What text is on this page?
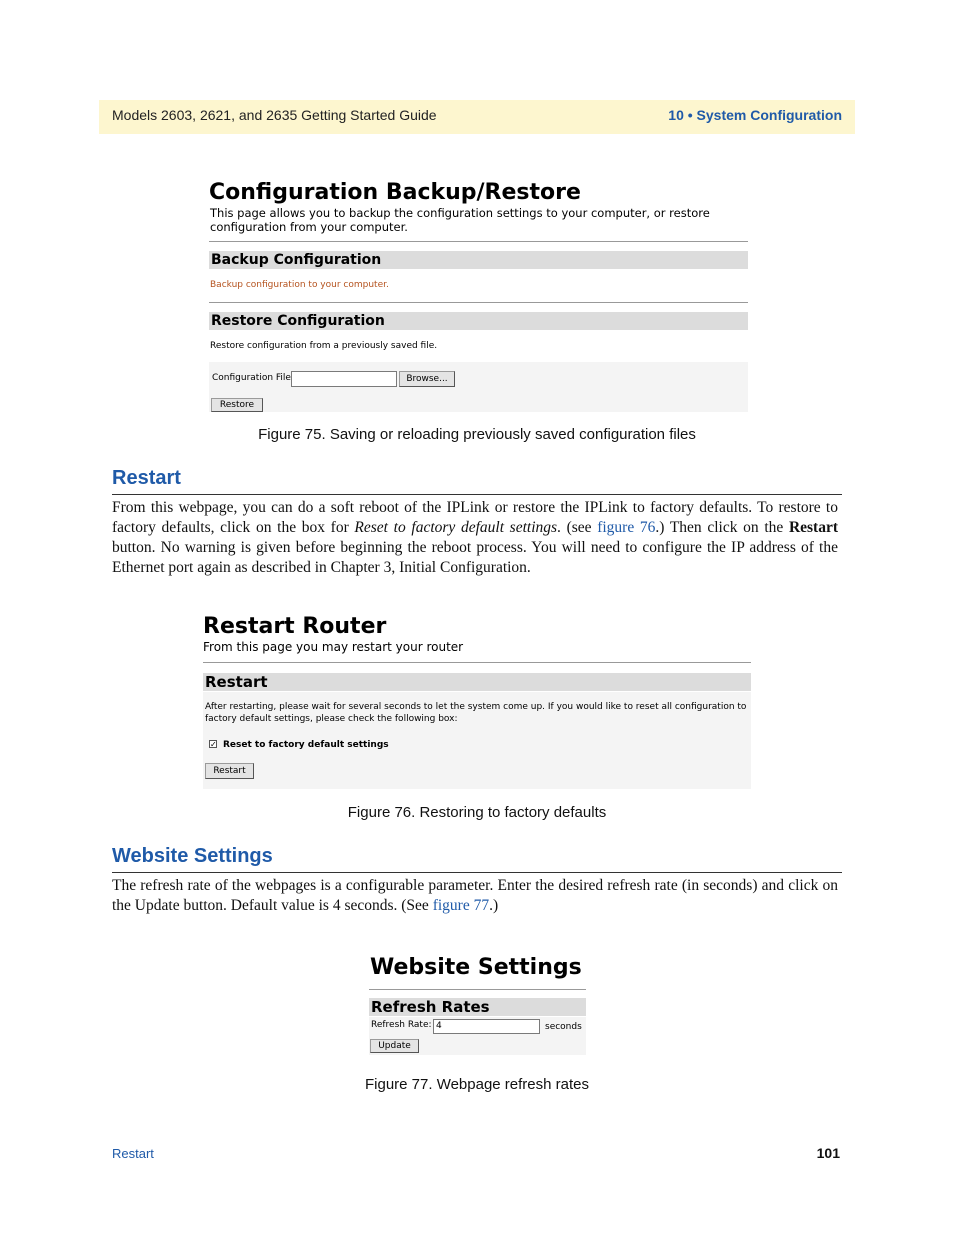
Models 2603, 2621, and 2635 Getting Started Guide	10 • System Configuration
Configuration Backup/Restore
This page allows you to backup the configuration settings to your computer, or restore configuration from your computer.
Backup Configuration
Backup configuration to your computer.
Restore Configuration
Restore configuration from a previously saved file.
Configuration File	Browse...
Restore
Figure 75. Saving or reloading previously saved configuration files
Restart
From this webpage, you can do a soft reboot of the IPLink or restore the IPLink to factory defaults. To restore to factory defaults, click on the box for Reset to factory default settings. (see figure 76.) Then click on the Restart button. No warning is given before beginning the reboot process. You will need to configure the IP address of the Ethernet port again as described in Chapter 3, Initial Configuration.
Restart Router
From this page you may restart your router
Restart
After restarting, please wait for several seconds to let the system come up. If you would like to reset all configuration to factory default settings, please check the following box:
✓ Reset to factory default settings
Restart
Figure 76. Restoring to factory defaults
Website Settings
The refresh rate of the webpages is a configurable parameter. Enter the desired refresh rate (in seconds) and click on the Update button. Default value is 4 seconds. (See figure 77.)
Website Settings
Refresh Rates
Refresh Rate: 4	seconds
Update
Figure 77. Webpage refresh rates
Restart	101
